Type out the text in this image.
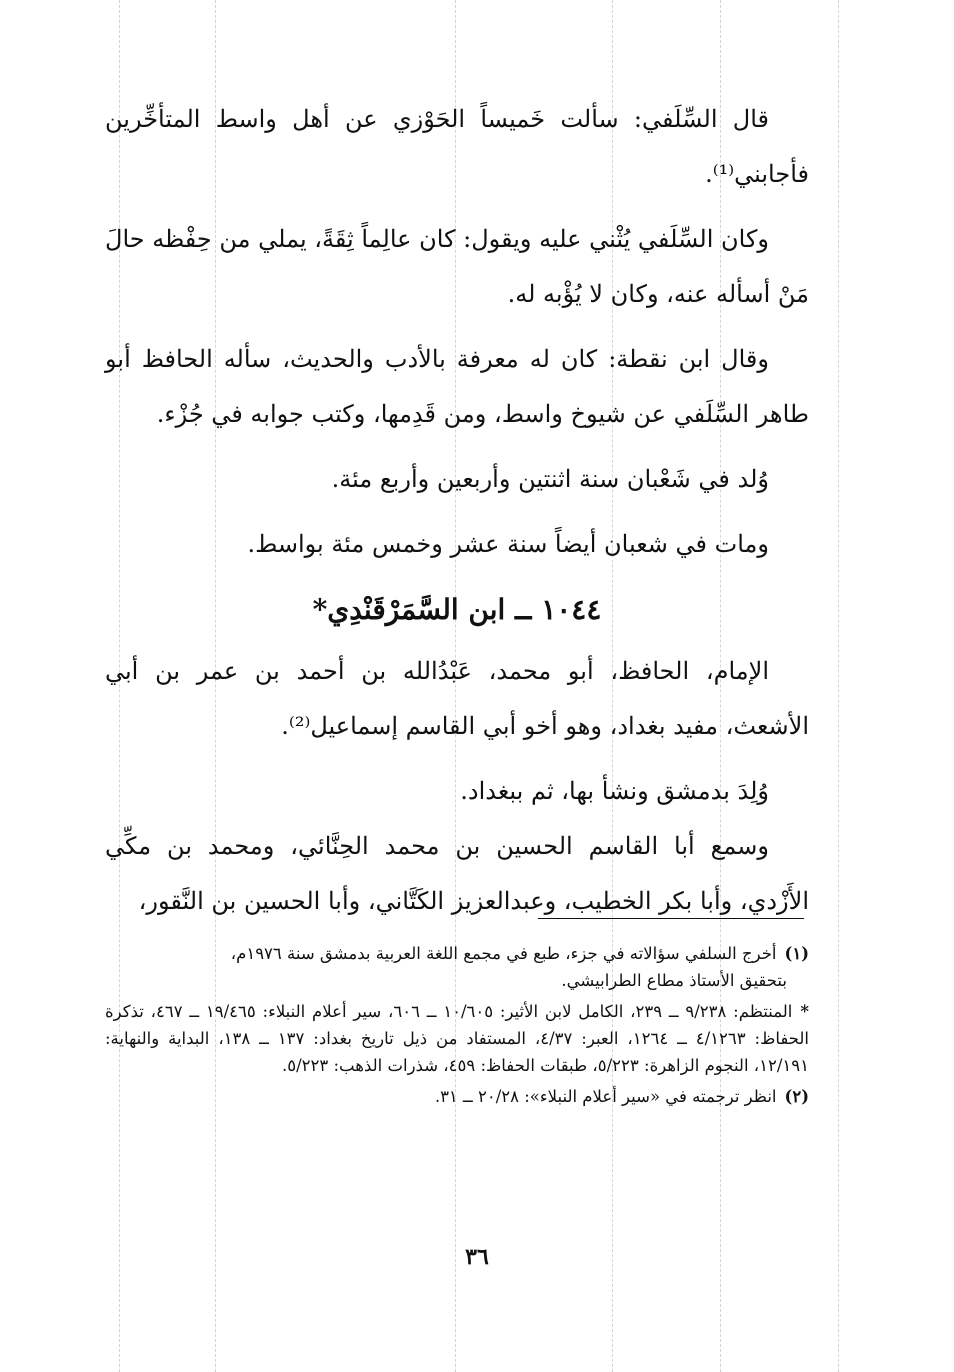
قال السِّلَفي: سألت خَميساً الحَوْزي عن أهل واسط المتأخِّرين فأجابني⁽¹⁾.

وكان السِّلَفي يُثْني عليه ويقول: كان عالِماً ثِقَةً، يملي من حِفْظه حالَ مَنْ أسأله عنه، وكان لا يُؤْبه له.

وقال ابن نقطة: كان له معرفة بالأدب والحديث، سأله الحافظ أبو طاهر السِّلَفي عن شيوخ واسط، ومن قَدِمها، وكتب جوابه في جُزْء.

وُلد في شَعْبان سنة اثنتين وأربعين وأربع مئة.

ومات في شعبان أيضاً سنة عشر وخمس مئة بواسط.

١٠٤٤ ــ ابن السَّمَرْقَنْدِي*

الإمام، الحافظ، أبو محمد، عَبْدُالله بن أحمد بن عمر بن أبي الأشعث، مفيد بغداد، وهو أخو أبي القاسم إسماعيل⁽²⁾.

وُلِدَ بدمشق ونشأ بها، ثم ببغداد.

وسمع أبا القاسم الحسين بن محمد الحِنَّائي، ومحمد بن مكِّي الأَزْدي، وأبا بكر الخطيب، وعبدالعزيز الكَتَّاني، وأبا الحسين بن النَّقور،

(١)أخرج السلفي سؤالاته في جزء، طبع في مجمع اللغة العربية بدمشق سنة ١٩٧٦م،
بتحقيق الأستاذ مطاع الطرابيشي.
*المنتظم: ٩/٢٣٨ ــ ٢٣٩، الكامل لابن الأثير: ١٠/٦٠٥ ــ ٦٠٦، سير أعلام النبلاء: ١٩/٤٦٥ ــ ٤٦٧، تذكرة الحفاظ: ٤/١٢٦٣ ــ ١٢٦٤، العبر: ٤/٣٧، المستفاد من ذيل تاريخ بغداد: ١٣٧ ــ ١٣٨، البداية والنهاية: ١٢/١٩١، النجوم الزاهرة: ٥/٢٢٣، طبقات الحفاظ: ٤٥٩، شذرات الذهب: ٥/٢٢٣.
(٢)انظر ترجمته في «سير أعلام النبلاء»: ٢٠/٢٨ ــ ٣١.
٣٦
